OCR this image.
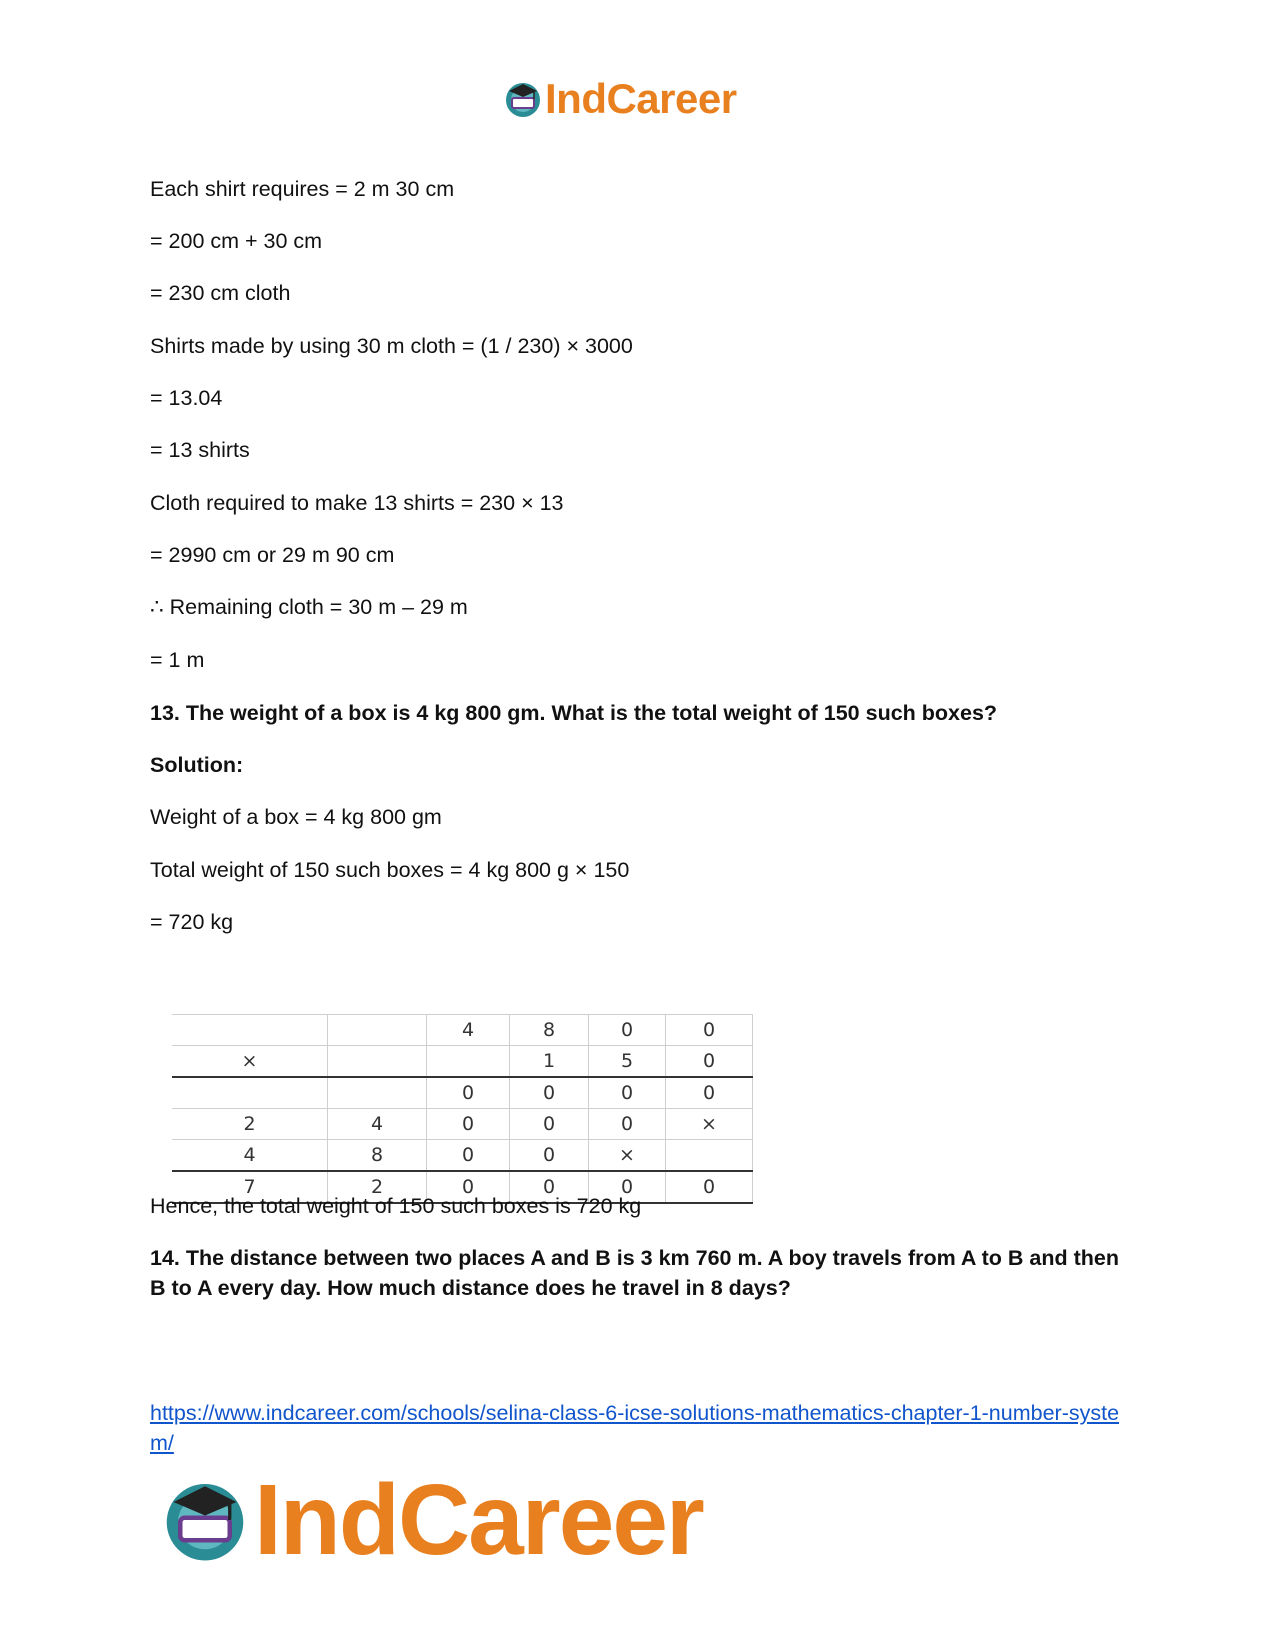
IndCareer
Each shirt requires = 2 m 30 cm
= 200 cm + 30 cm
= 230 cm cloth
Shirts made by using 30 m cloth = (1 / 230) × 3000
= 13.04
= 13 shirts
Cloth required to make 13 shirts = 230 × 13
= 2990 cm or 29 m 90 cm
∴ Remaining cloth = 30 m – 29 m
= 1 m
13. The weight of a box is 4 kg 800 gm. What is the total weight of 150 such boxes?
Solution:
Weight of a box = 4 kg 800 gm
Total weight of 150 such boxes = 4 kg 800 g × 150
= 720 kg
		4	8	0	0
×			1	5	0
		0	0	0	0
2	4	0	0	0	×
4	8	0	0	×	
7	2	0	0	0	0
Hence, the total weight of 150 such boxes is 720 kg
14. The distance between two places A and B is 3 km 760 m. A boy travels from A to B and then B to A every day. How much distance does he travel in 8 days?
https://www.indcareer.com/schools/selina-class-6-icse-solutions-mathematics-chapter-1-number-system/
IndCareer
